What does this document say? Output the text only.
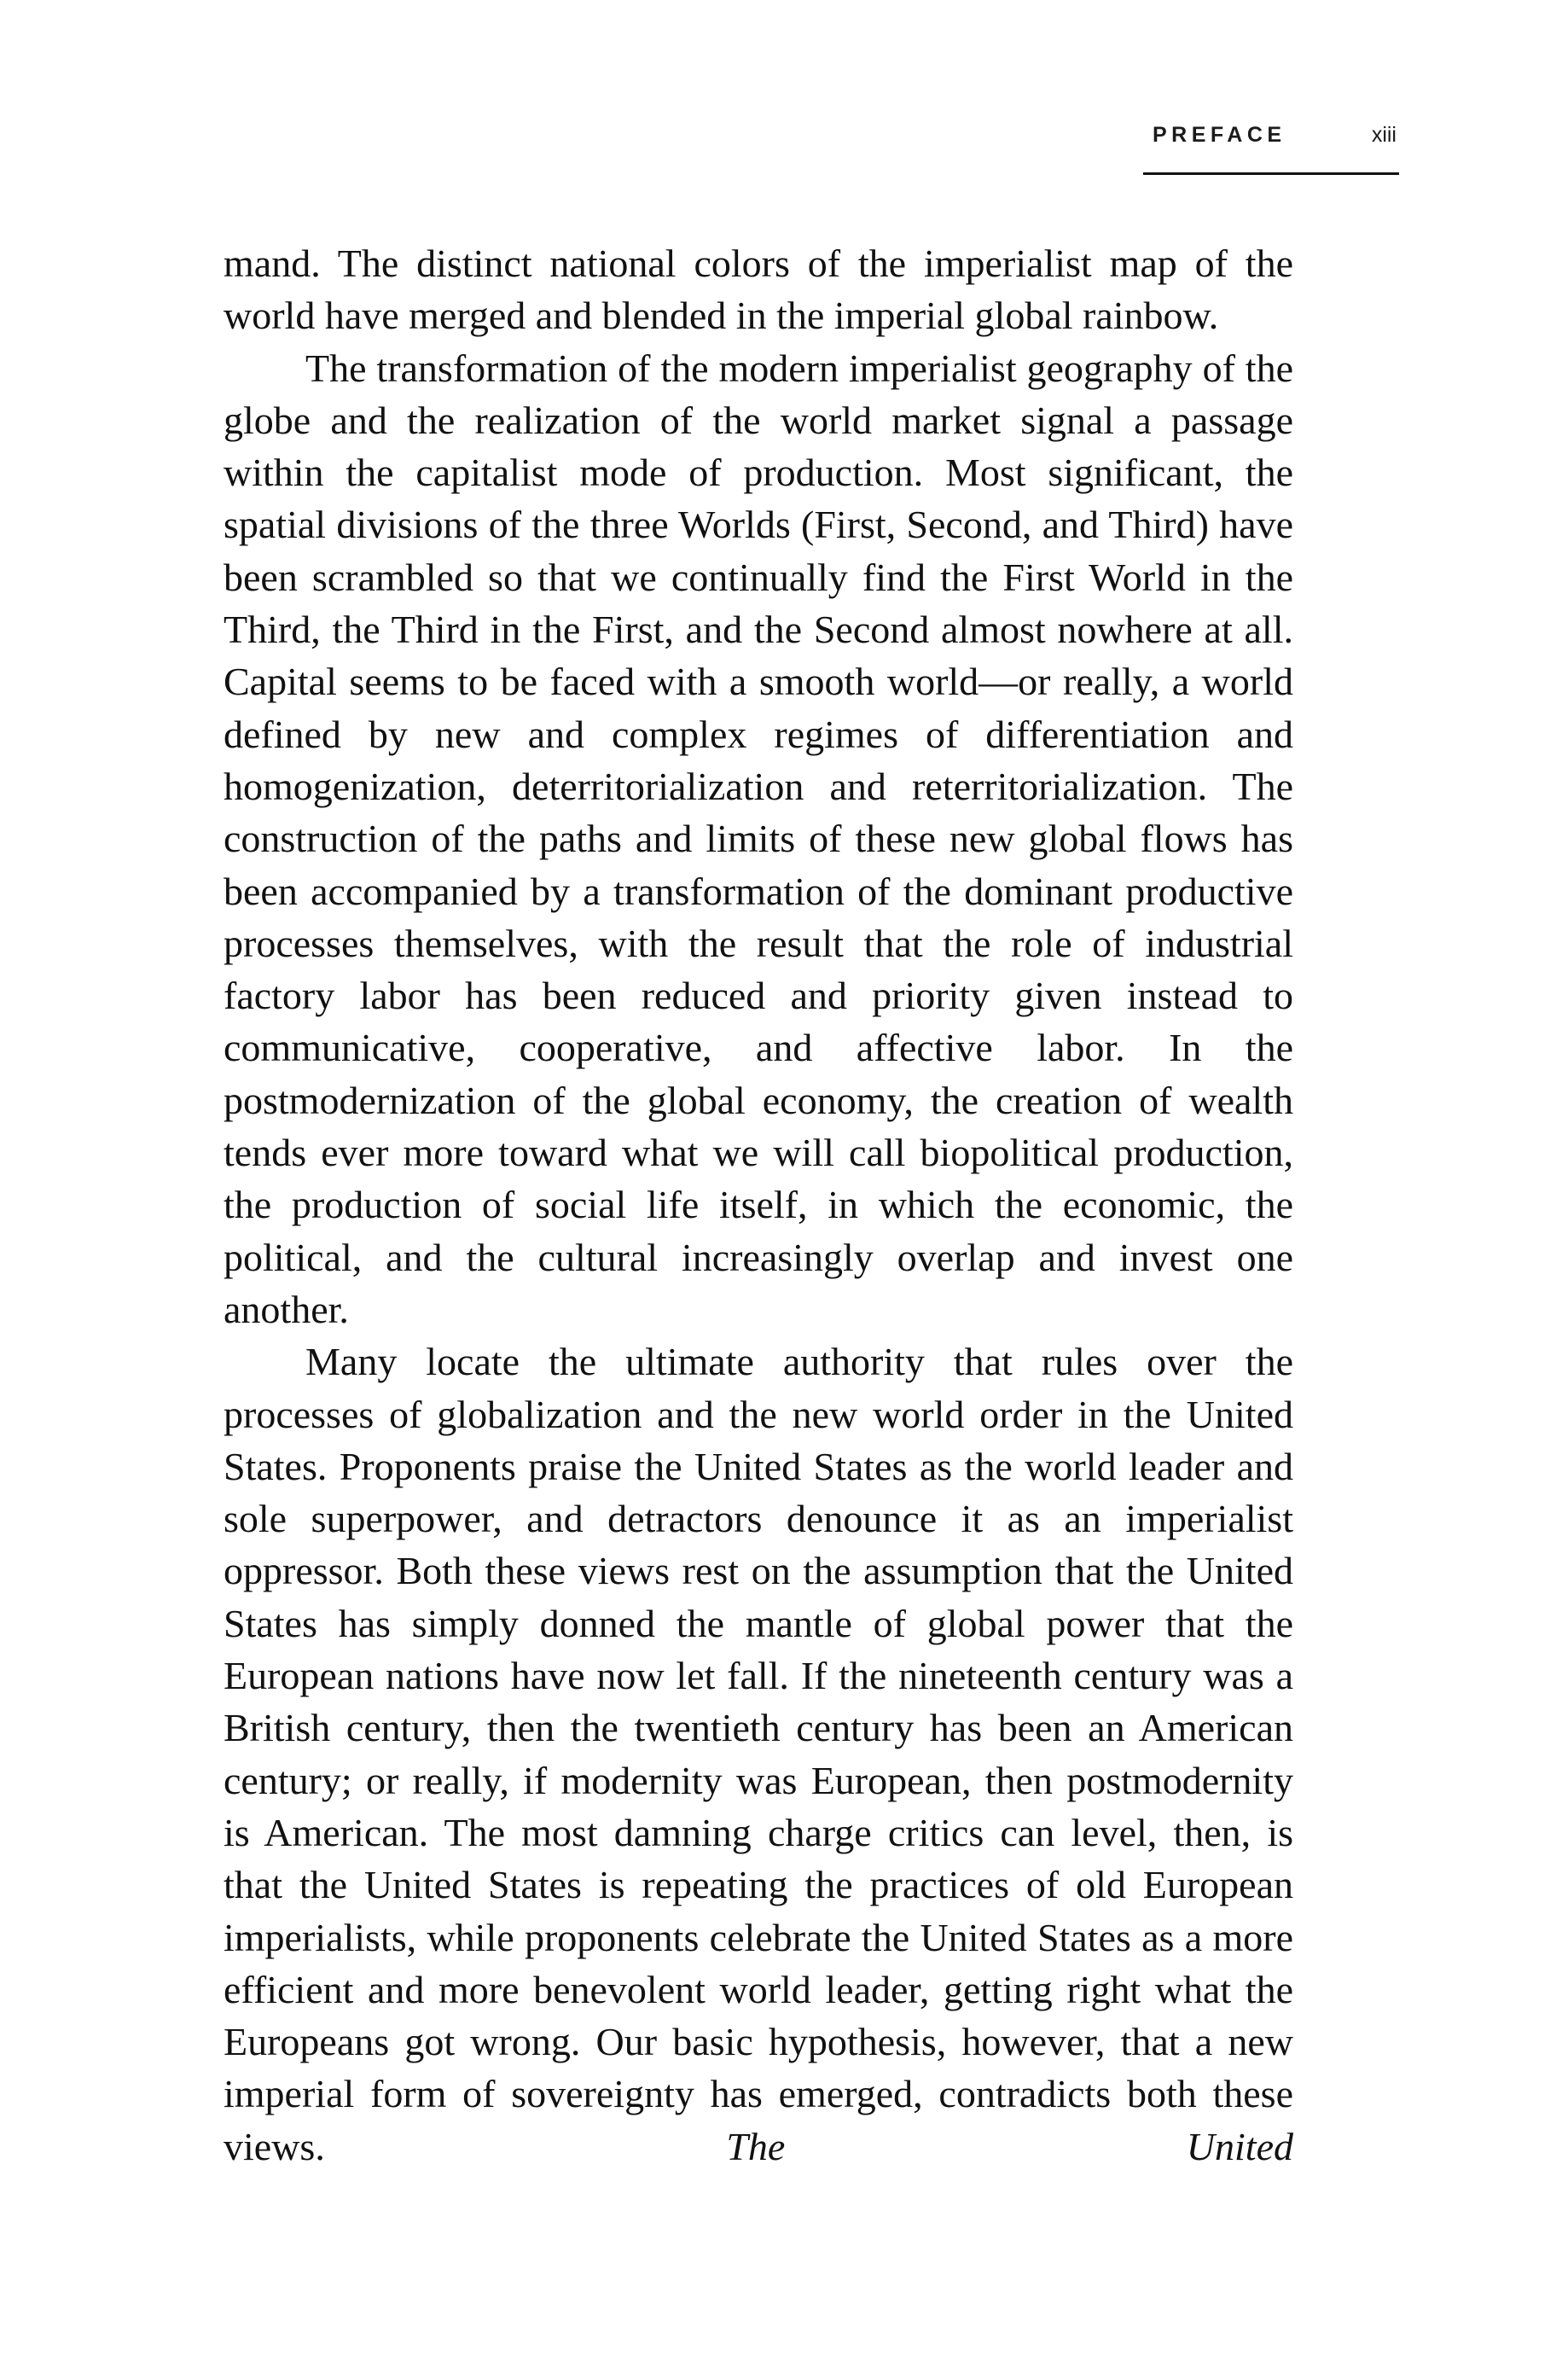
PREFACE	xiii

mand. The distinct national colors of the imperialist map of the world have merged and blended in the imperial global rainbow.

The transformation of the modern imperialist geography of the globe and the realization of the world market signal a passage within the capitalist mode of production. Most significant, the spatial divisions of the three Worlds (First, Second, and Third) have been scrambled so that we continually find the First World in the Third, the Third in the First, and the Second almost nowhere at all. Capital seems to be faced with a smooth world—or really, a world defined by new and complex regimes of differentiation and homogenization, deterritorialization and reterritorialization. The construction of the paths and limits of these new global flows has been accompanied by a transformation of the dominant productive processes themselves, with the result that the role of industrial factory labor has been reduced and priority given instead to communicative, cooperative, and affective labor. In the postmodernization of the global economy, the creation of wealth tends ever more toward what we will call biopolitical production, the production of social life itself, in which the economic, the political, and the cultural increasingly overlap and invest one another.

Many locate the ultimate authority that rules over the processes of globalization and the new world order in the United States. Proponents praise the United States as the world leader and sole superpower, and detractors denounce it as an imperialist oppressor. Both these views rest on the assumption that the United States has simply donned the mantle of global power that the European nations have now let fall. If the nineteenth century was a British century, then the twentieth century has been an American century; or really, if modernity was European, then postmodernity is American. The most damning charge critics can level, then, is that the United States is repeating the practices of old European imperialists, while proponents celebrate the United States as a more efficient and more benevolent world leader, getting right what the Europeans got wrong. Our basic hypothesis, however, that a new imperial form of sovereignty has emerged, contradicts both these views.	The United
